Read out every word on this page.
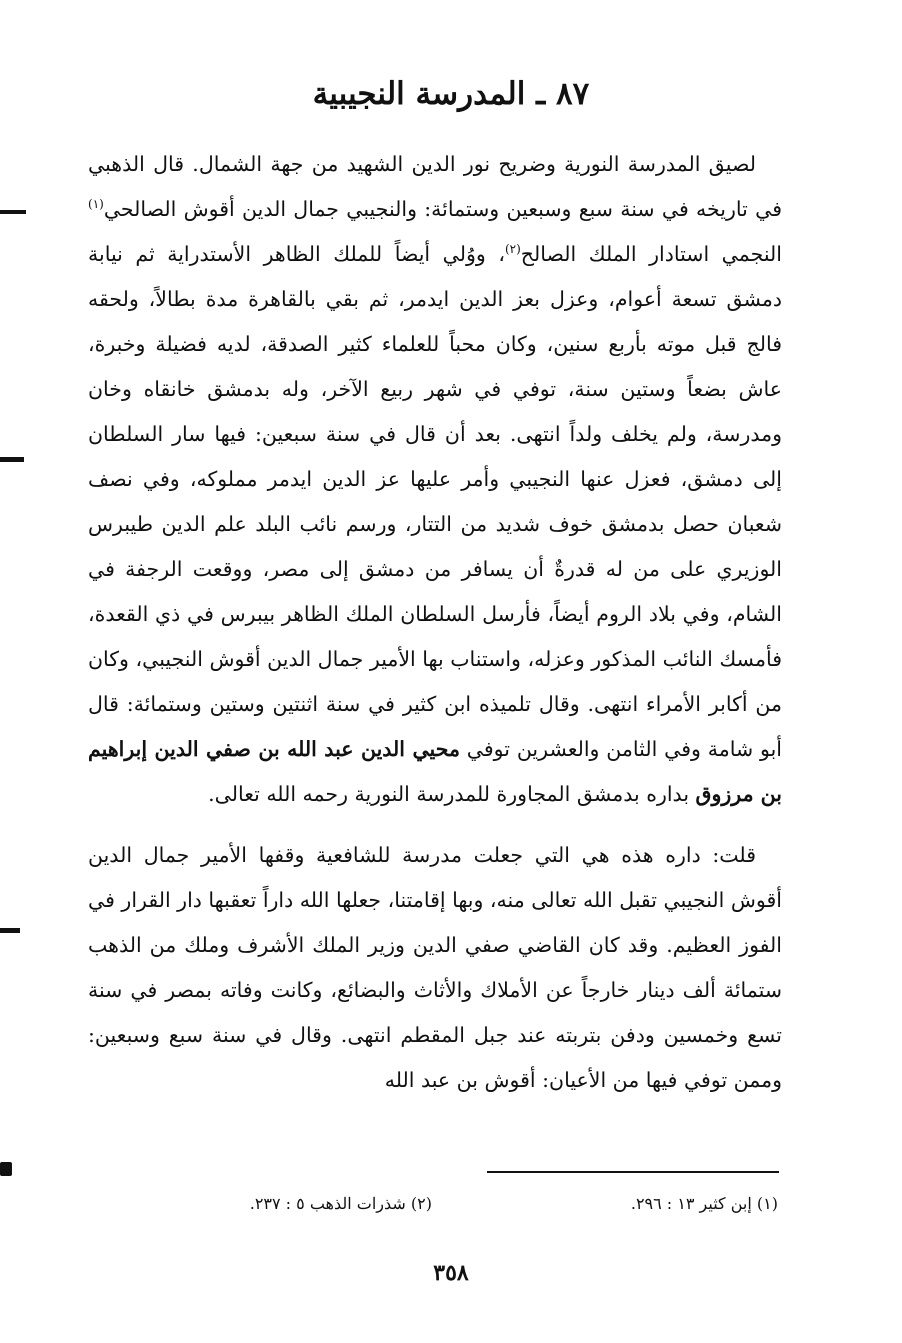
٨٧ ـ المدرسة النجيبية

لصيق المدرسة النورية وضريح نور الدين الشهيد من جهة الشمال. قال الذهبي في تاريخه في سنة سبع وسبعين وستمائة: والنجيبي جمال الدين أقوش الصالحي$^{(١)}$ النجمي استادار الملك الصالح$^{(٢)}$، ووُلي أيضاً للملك الظاهر الأستدراية ثم نيابة دمشق تسعة أعوام، وعزل بعز الدين ايدمر، ثم بقي بالقاهرة مدة بطالاً، ولحقه فالج قبل موته بأربع سنين، وكان محباً للعلماء كثير الصدقة، لديه فضيلة وخبرة، عاش بضعاً وستين سنة، توفي في شهر ربيع الآخر، وله بدمشق خانقاه وخان ومدرسة، ولم يخلف ولداً انتهى. بعد أن قال في سنة سبعين: فيها سار السلطان إلى دمشق، فعزل عنها النجيبي وأمر عليها عز الدين ايدمر مملوكه، وفي نصف شعبان حصل بدمشق خوف شديد من التتار، ورسم نائب البلد علم الدين طيبرس الوزيري على من له قدرةٌ أن يسافر من دمشق إلى مصر، ووقعت الرجفة في الشام، وفي بلاد الروم أيضاً، فأرسل السلطان الملك الظاهر بيبرس في ذي القعدة، فأمسك النائب المذكور وعزله، واستناب بها الأمير جمال الدين أقوش النجيبي، وكان من أكابر الأمراء انتهى. وقال تلميذه ابن كثير في سنة اثنتين وستين وستمائة: قال أبو شامة وفي الثامن والعشرين توفي محيي الدين عبد الله بن صفي الدين إبراهيم بن مرزوق بداره بدمشق المجاورة للمدرسة النورية رحمه الله تعالى.

قلت: داره هذه هي التي جعلت مدرسة للشافعية وقفها الأمير جمال الدين أقوش النجيبي تقبل الله تعالى منه، وبها إقامتنا، جعلها الله داراً تعقبها دار القرار في الفوز العظيم. وقد كان القاضي صفي الدين وزير الملك الأشرف وملك من الذهب ستمائة ألف دينار خارجاً عن الأملاك والأثاث والبضائع، وكانت وفاته بمصر في سنة تسع وخمسين ودفن بتربته عند جبل المقطم انتهى. وقال في سنة سبع وسبعين: وممن توفي فيها من الأعيان: أقوش بن عبد الله

(١) إبن كثير ١٣ : ٢٩٦.
(٢) شذرات الذهب ٥ : ٢٣٧.
٣٥٨
